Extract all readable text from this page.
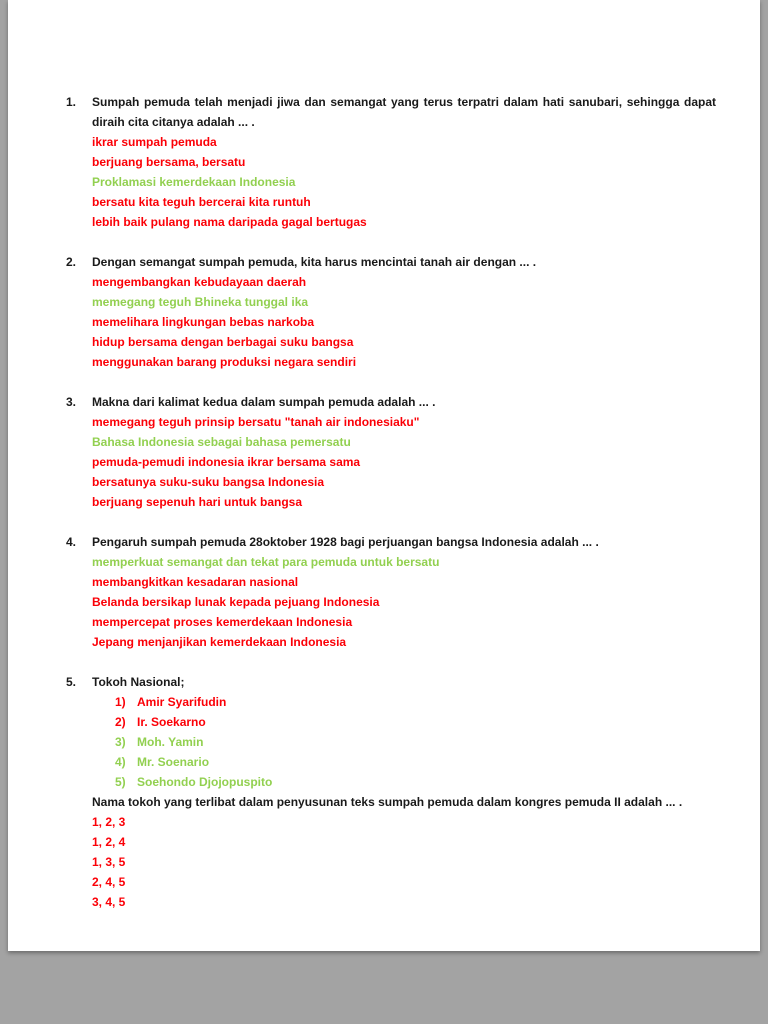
1. Sumpah pemuda telah menjadi jiwa dan semangat yang terus terpatri dalam hati sanubari, sehingga dapat diraih cita citanya adalah ... .
ikrar sumpah pemuda
berjuang bersama, bersatu
Proklamasi kemerdekaan Indonesia
bersatu kita teguh bercerai kita runtuh
lebih baik pulang nama daripada gagal bertugas
2. Dengan semangat sumpah pemuda, kita harus mencintai tanah air dengan ... .
mengembangkan kebudayaan daerah
memegang teguh Bhineka tunggal ika
memelihara lingkungan bebas narkoba
hidup bersama dengan berbagai suku bangsa
menggunakan barang produksi negara sendiri
3. Makna dari kalimat kedua dalam sumpah pemuda adalah ... .
memegang teguh prinsip bersatu "tanah air indonesiaku"
Bahasa Indonesia sebagai bahasa pemersatu
pemuda-pemudi indonesia ikrar bersama sama
bersatunya suku-suku bangsa Indonesia
berjuang sepenuh hari untuk bangsa
4. Pengaruh sumpah pemuda 28oktober 1928 bagi perjuangan bangsa Indonesia adalah ... .
memperkuat semangat dan tekat para pemuda untuk bersatu
membangkitkan kesadaran nasional
Belanda bersikap lunak kepada pejuang Indonesia
mempercepat proses kemerdekaan Indonesia
Jepang menjanjikan kemerdekaan Indonesia
5. Tokoh Nasional;
1) Amir Syarifudin
2) Ir. Soekarno
3) Moh. Yamin
4) Mr. Soenario
5) Soehondo Djojopuspito
Nama tokoh yang terlibat dalam penyusunan teks sumpah pemuda dalam kongres pemuda II adalah ... .
1, 2, 3
1, 2, 4
1, 3, 5
2, 4, 5
3, 4, 5
